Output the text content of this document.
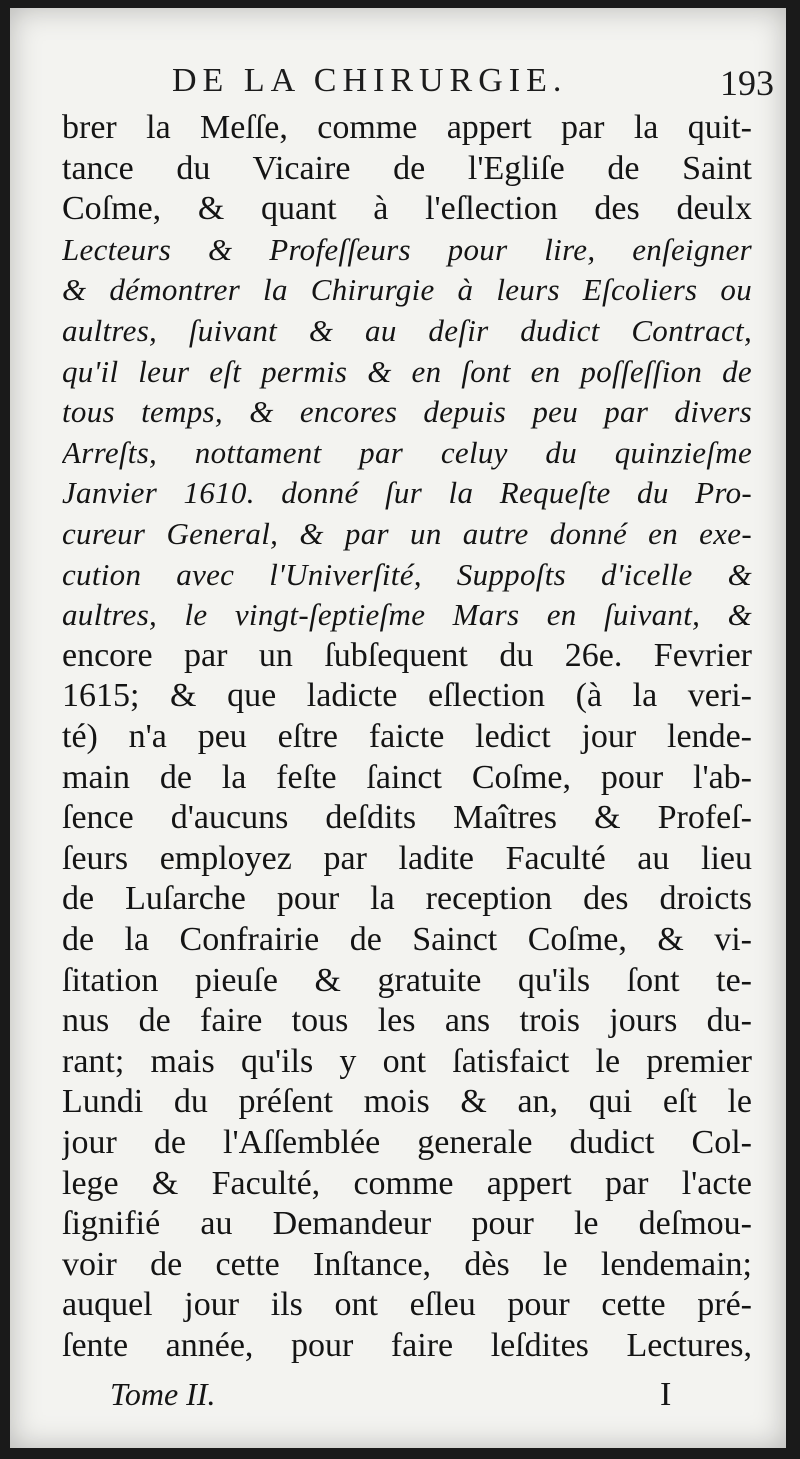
DE LA CHIRURGIE.	193
brer la Meſſe, comme appert par la quit-
tance du Vicaire de l'Egliſe de Saint
Coſme, & quant à l'eſlection des deulx
Lecteurs & Profeſſeurs pour lire, enſeigner
& démontrer la Chirurgie à leurs Eſcoliers ou
aultres, ſuivant & au deſir dudict Contract,
qu'il leur eſt permis & en ſont en poſſeſſion de
tous temps, & encores depuis peu par divers
Arreſts, nottament par celuy du quinzieſme
Janvier 1610. donné ſur la Requeſte du Pro-
cureur General, & par un autre donné en exe-
cution avec l'Univerſité, Suppoſts d'icelle &
aultres, le vingt-ſeptieſme Mars en ſuivant, &
encore par un ſubſequent du 26e. Fevrier
1615; & que ladicte eſlection (à la veri-
té) n'a peu eſtre faicte ledict jour lende-
main de la feſte ſainct Coſme, pour l'ab-
ſence d'aucuns deſdits Maîtres & Profeſ-
ſeurs employez par ladite Faculté au lieu
de Luſarche pour la reception des droicts
de la Confrairie de Sainct Coſme, & vi-
ſitation pieuſe & gratuite qu'ils ſont te-
nus de faire tous les ans trois jours du-
rant; mais qu'ils y ont ſatisfaict le premier
Lundi du préſent mois & an, qui eſt le
jour de l'Aſſemblée generale dudict Col-
lege & Faculté, comme appert par l'acte
ſignifié au Demandeur pour le deſmou-
voir de cette Inſtance, dès le lendemain;
auquel jour ils ont eſleu pour cette pré-
ſente année, pour faire leſdites Lectures,
Tome II.	I
